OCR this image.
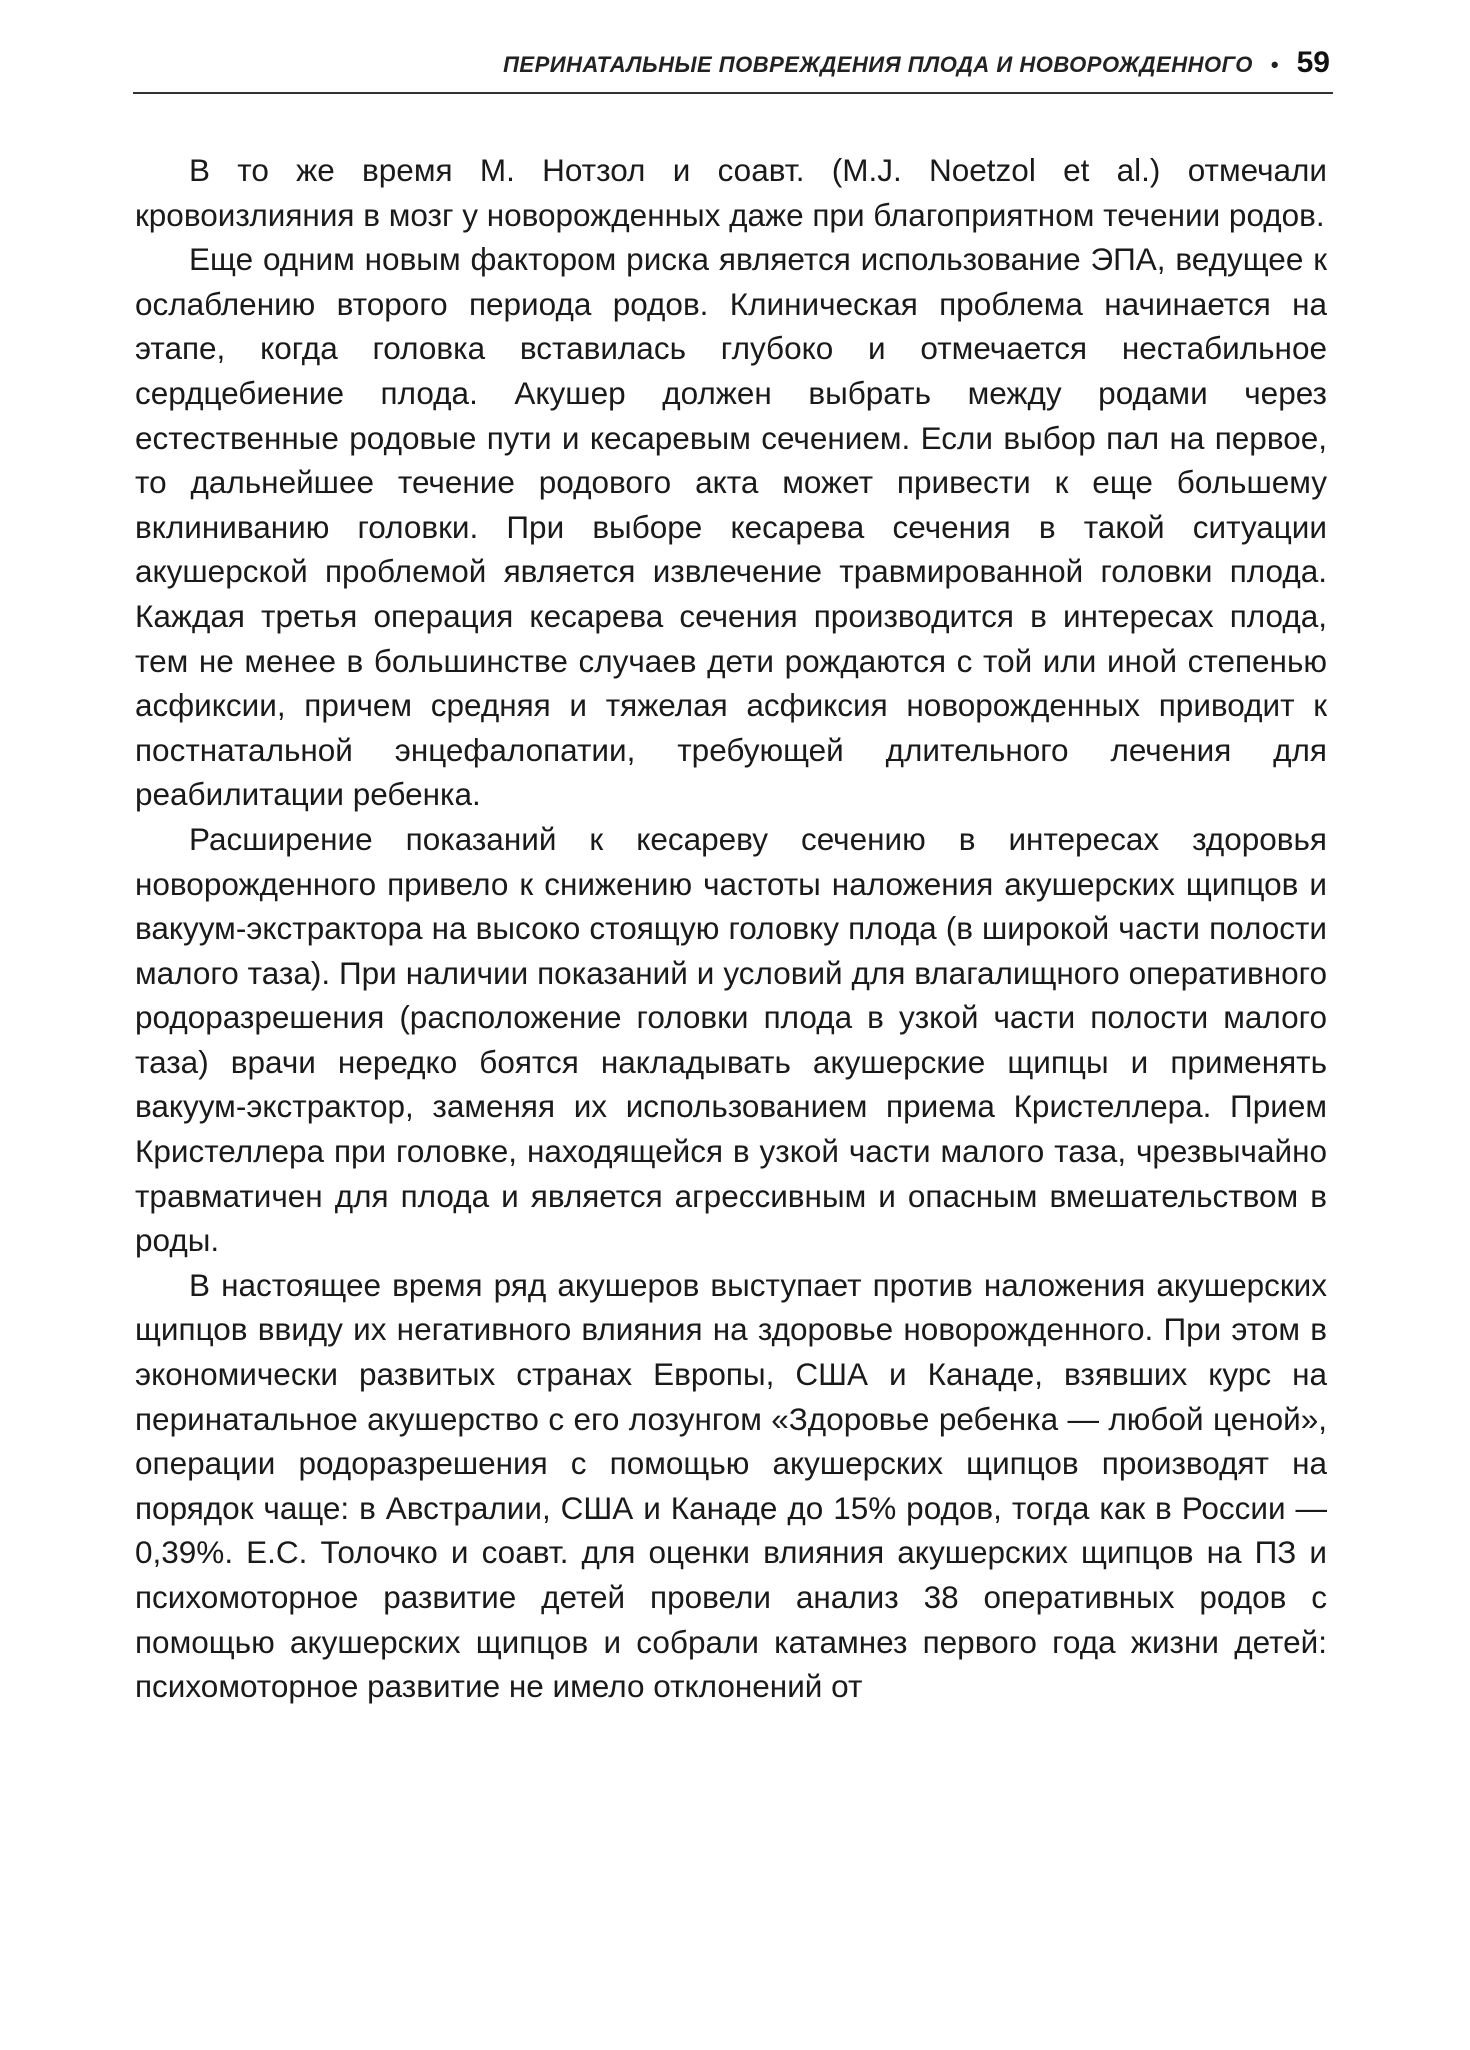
ПЕРИНАТАЛЬНЫЕ ПОВРЕЖДЕНИЯ ПЛОДА И НОВОРОЖДЕННОГО • 59

В то же время М. Нотзол и соавт. (M.J. Noetzol et al.) отмечали кровоизлияния в мозг у новорожденных даже при благоприятном течении родов.

Еще одним новым фактором риска является использование ЭПА, ведущее к ослаблению второго периода родов. Клиническая проблема начинается на этапе, когда головка вставилась глубоко и отмечается нестабильное сердцебиение плода. Акушер должен выбрать между родами через естественные родовые пути и кесаревым сечением. Если выбор пал на первое, то дальнейшее течение родового акта может привести к еще большему вклиниванию головки. При выборе кесарева сечения в такой ситуации акушерской проблемой является извлечение травмированной головки плода. Каждая третья операция кесарева сечения производится в интересах плода, тем не менее в большинстве случаев дети рождаются с той или иной степенью асфиксии, причем средняя и тяжелая асфиксия новорожденных приводит к постнатальной энцефалопатии, требующей длительного лечения для реабилитации ребенка.

Расширение показаний к кесареву сечению в интересах здоровья новорожденного привело к снижению частоты наложения акушерских щипцов и вакуум-экстрактора на высоко стоящую головку плода (в широкой части полости малого таза). При наличии показаний и условий для влагалищного оперативного родоразрешения (расположение головки плода в узкой части полости малого таза) врачи нередко боятся накладывать акушерские щипцы и применять вакуум-экстрактор, заменяя их использованием приема Кристеллера. Прием Кристеллера при головке, находящейся в узкой части малого таза, чрезвычайно травматичен для плода и является агрессивным и опасным вмешательством в роды.

В настоящее время ряд акушеров выступает против наложения акушерских щипцов ввиду их негативного влияния на здоровье новорожденного. При этом в экономически развитых странах Европы, США и Канаде, взявших курс на перинатальное акушерство с его лозунгом «Здоровье ребенка — любой ценой», операции родоразрешения с помощью акушерских щипцов производят на порядок чаще: в Австралии, США и Канаде до 15% родов, тогда как в России — 0,39%. Е.С. Толочко и соавт. для оценки влияния акушерских щипцов на ПЗ и психомоторное развитие детей провели анализ 38 оперативных родов с помощью акушерских щипцов и собрали катамнез первого года жизни детей: психомоторное развитие не имело отклонений от
